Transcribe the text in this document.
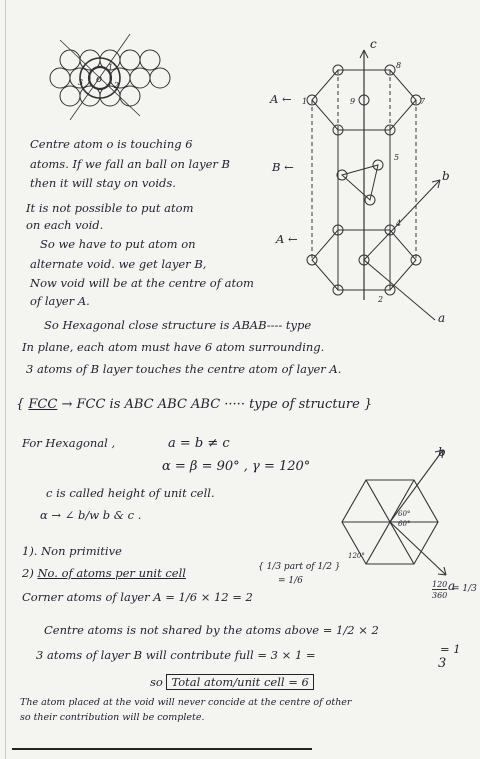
o
1
2
3
c
b
a
8
7
9
1
5
4
2
A ←
B ←
A ←
Centre atom o is touching 6
atoms. If we fall an ball on layer B
then it will stay on voids.
It is not possible to put atom
on each void.
So we have to put atom on
alternate void. we get layer B,
Now void will be at the centre of atom
of layer A.
So Hexagonal close structure is ABAB---- type
In plane, each atom must have 6 atom surrounding.
3 atoms of B layer touches the centre atom of layer A.
{ FCC → FCC is ABC ABC ABC ····· type of structure }
For Hexagonal ,	a = b ≠ c
α = β = 90° , γ = 120°
c is called height of unit cell.
α → ∠ b/w b & c .	60°
60°
120°
b
a
1). Non primitive
2) No. of atoms per unit cell	{ 1/3 part of 1/2 }
= 1/6
Corner atoms of layer A = 1/6 × 12 = 2
120
360
= 1/3
Centre atoms is not shared by the atoms above = 1/2 × 2
= 1
3 atoms of layer B will contribute full = 3 × 1 =
3
so Total atom/unit cell = 6
The atom placed at the void will never concide at the centre of other
so their contribution will be complete.
